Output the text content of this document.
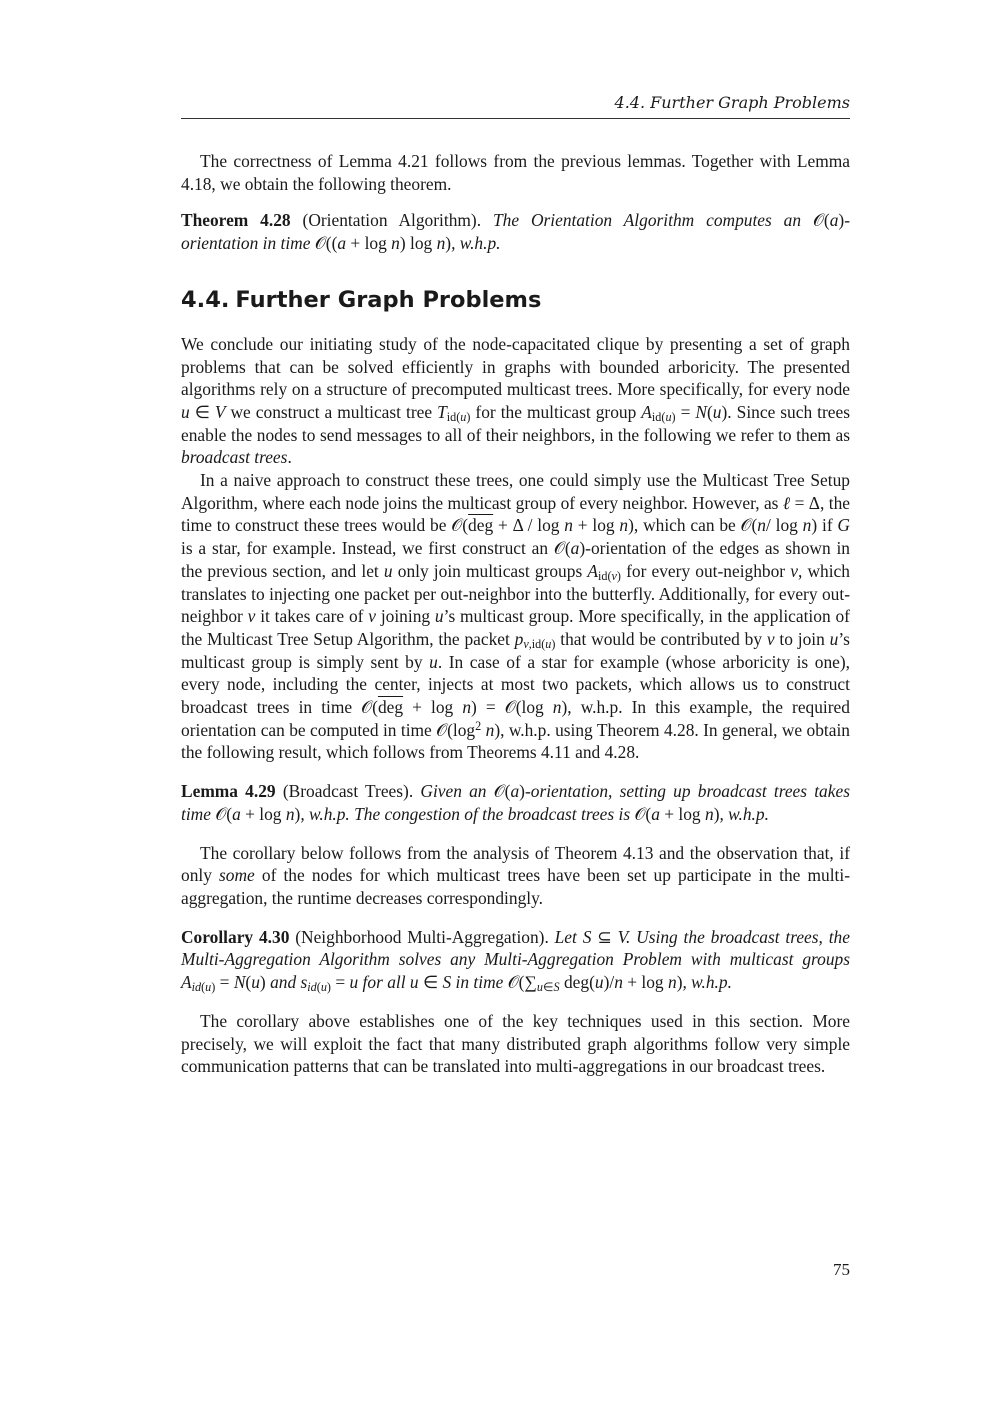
4.4. Further Graph Problems

The correctness of Lemma 4.21 follows from the previous lemmas. Together with Lemma 4.18, we obtain the following theorem.

Theorem 4.28 (Orientation Algorithm). The Orientation Algorithm computes an 𝒪(a)-orientation in time 𝒪((a + log n) log n), w.h.p.

4.4. Further Graph Problems

We conclude our initiating study of the node-capacitated clique by presenting a set of graph problems that can be solved efficiently in graphs with bounded arboricity. The presented algorithms rely on a structure of precomputed multicast trees. More specifically, for every node u ∈ V we construct a multicast tree $T_{id(u)}$ for the multicast group $A_{id(u)} = N(u)$. Since such trees enable the nodes to send messages to all of their neighbors, in the following we refer to them as broadcast trees.

In a naive approach to construct these trees, one could simply use the Multicast Tree Setup Algorithm, where each node joins the multicast group of every neighbor. However, as ℓ = Δ, the time to construct these trees would be $𝒪(\overline{deg} + \Delta / \log n + \log n)$, which can be 𝒪(n/ log n) if G is a star, for example. Instead, we first construct an 𝒪(a)-orientation of the edges as shown in the previous section, and let u only join multicast groups $A_{id(v)}$ for every out-neighbor v, which translates to injecting one packet per out-neighbor into the butterfly. Additionally, for every out-neighbor v it takes care of v joining u’s multicast group. More specifically, in the application of the Multicast Tree Setup Algorithm, the packet $p_{v,id(u)}$ that would be contributed by v to join u’s multicast group is simply sent by u. In case of a star for example (whose arboricity is one), every node, including the center, injects at most two packets, which allows us to construct broadcast trees in time $𝒪(\overline{deg} + \log n)$ = 𝒪(log n), w.h.p. In this example, the required orientation can be computed in time $𝒪(\log^2$ n), w.h.p. using Theorem 4.28. In general, we obtain the following result, which follows from Theorems 4.11 and 4.28.

Lemma 4.29 (Broadcast Trees). Given an 𝒪(a)-orientation, setting up broadcast trees takes time 𝒪(a + log n), w.h.p. The congestion of the broadcast trees is 𝒪(a + log n), w.h.p.

The corollary below follows from the analysis of Theorem 4.13 and the observation that, if only some of the nodes for which multicast trees have been set up participate in the multi-aggregation, the runtime decreases correspondingly.

Corollary 4.30 (Neighborhood Multi-Aggregation). Let S ⊆ V. Using the broadcast trees, the Multi-Aggregation Algorithm solves any Multi-Aggregation Problem with multicast groups $A_{id(u)} = N(u)$ and $s_{id(u)} = u$ for all u ∈ S in time $𝒪(\sum_{u\in S}$ deg(u)/n + log n), w.h.p.

The corollary above establishes one of the key techniques used in this section. More precisely, we will exploit the fact that many distributed graph algorithms follow very simple communication patterns that can be translated into multi-aggregations in our broadcast trees.

75
